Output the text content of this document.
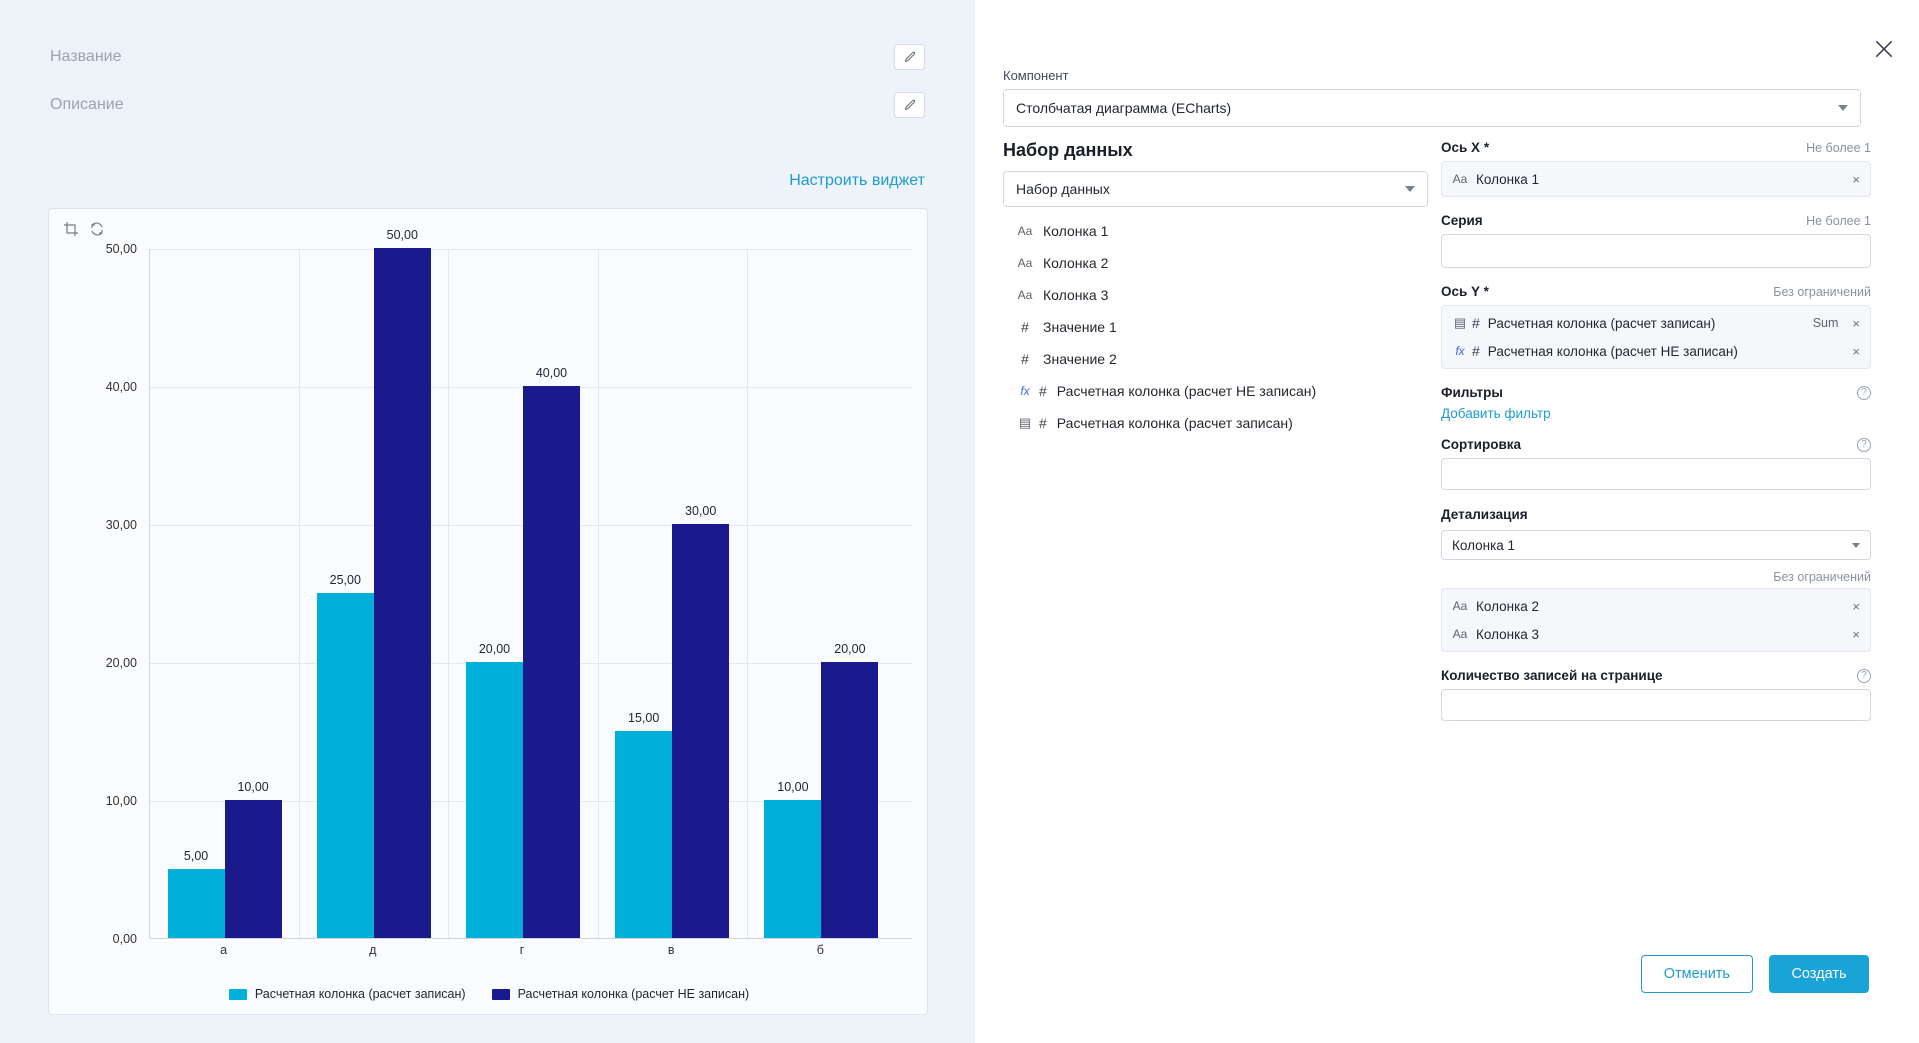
Название
Описание
Настроить виджет
0,00
10,00
20,00
30,00
40,00
50,00
5,00
10,00
25,00
50,00
20,00
40,00
15,00
30,00
10,00
20,00
а	д	г	в	б
Расчетная колонка (расчет записан)	Расчетная колонка (расчет НЕ записан)
Компонент
Столбчатая диаграмма (ECharts)
Набор данных
Набор данных
Aa Колонка 1
Aa Колонка 2
Aa Колонка 3
# Значение 1
# Значение 2
fx # Расчетная колонка (расчет НЕ записан)
▤ # Расчетная колонка (расчет записан)
Ось X *	Не более 1
Aa Колонка 1	×
Серия	Не более 1
Ось Y *	Без ограничений
▤ # Расчетная колонка (расчет записан)	Sum ×
fx # Расчетная колонка (расчет НЕ записан)	×
Фильтры	?
Добавить фильтр
Сортировка	?
Детализация
Колонка 1
Без ограничений
Aa Колонка 2	×
Aa Колонка 3	×
Количество записей на странице	?
Отменить	Создать
